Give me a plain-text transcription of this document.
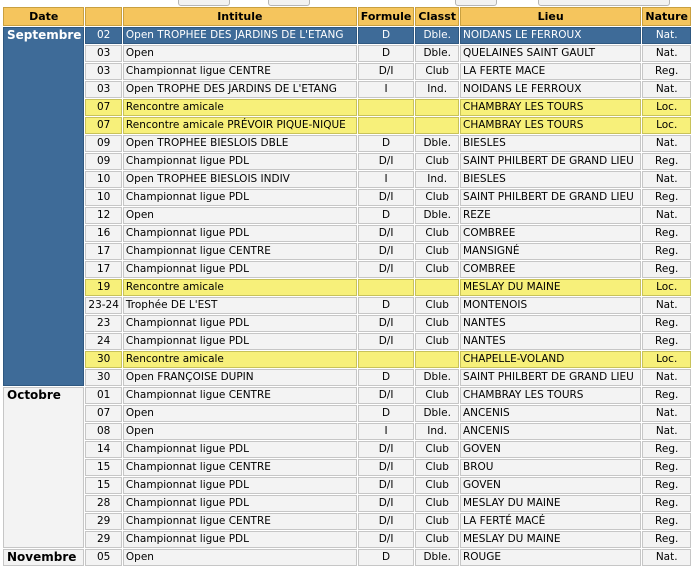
Date		Intitule	Formule	Classt	Lieu	Nature
Septembre	02	Open TROPHEE DES JARDINS DE L'ETANG	D	Dble.	NOIDANS LE FERROUX	Nat.
	03	Open	D	Dble.	QUELAINES SAINT GAULT	Nat.
	03	Championnat ligue CENTRE	D/I	Club	LA FERTE MACE	Reg.
	03	Open TROPHE DES JARDINS DE L'ETANG	I	Ind.	NOIDANS LE FERROUX	Nat.
	07	Rencontre amicale			CHAMBRAY LES TOURS	Loc.
	07	Rencontre amicale PRÉVOIR PIQUE-NIQUE			CHAMBRAY LES TOURS	Loc.
	09	Open TROPHEE BIESLOIS DBLE	D	Dble.	BIESLES	Nat.
	09	Championnat ligue PDL	D/I	Club	SAINT PHILBERT DE GRAND LIEU	Reg.
	10	Open TROPHEE BIESLOIS INDIV	I	Ind.	BIESLES	Nat.
	10	Championnat ligue PDL	D/I	Club	SAINT PHILBERT DE GRAND LIEU	Reg.
	12	Open	D	Dble.	REZE	Nat.
	16	Championnat ligue PDL	D/I	Club	COMBREE	Reg.
	17	Championnat ligue CENTRE	D/I	Club	MANSIGNÉ	Reg.
	17	Championnat ligue PDL	D/I	Club	COMBREE	Reg.
	19	Rencontre amicale			MESLAY DU MAINE	Loc.
	23-24	Trophée DE L'EST	D	Club	MONTENOIS	Nat.
	23	Championnat ligue PDL	D/I	Club	NANTES	Reg.
	24	Championnat ligue PDL	D/I	Club	NANTES	Reg.
	30	Rencontre amicale			CHAPELLE-VOLAND	Loc.
	30	Open FRANÇOISE DUPIN	D	Dble.	SAINT PHILBERT DE GRAND LIEU	Nat.
Octobre	01	Championnat ligue CENTRE	D/I	Club	CHAMBRAY LES TOURS	Reg.
	07	Open	D	Dble.	ANCENIS	Nat.
	08	Open	I	Ind.	ANCENIS	Nat.
	14	Championnat ligue PDL	D/I	Club	GOVEN	Reg.
	15	Championnat ligue CENTRE	D/I	Club	BROU	Reg.
	15	Championnat ligue PDL	D/I	Club	GOVEN	Reg.
	28	Championnat ligue PDL	D/I	Club	MESLAY DU MAINE	Reg.
	29	Championnat ligue CENTRE	D/I	Club	LA FERTÉ MACÉ	Reg.
	29	Championnat ligue PDL	D/I	Club	MESLAY DU MAINE	Reg.
Novembre	05	Open	D	Dble.	ROUGE	Nat.
